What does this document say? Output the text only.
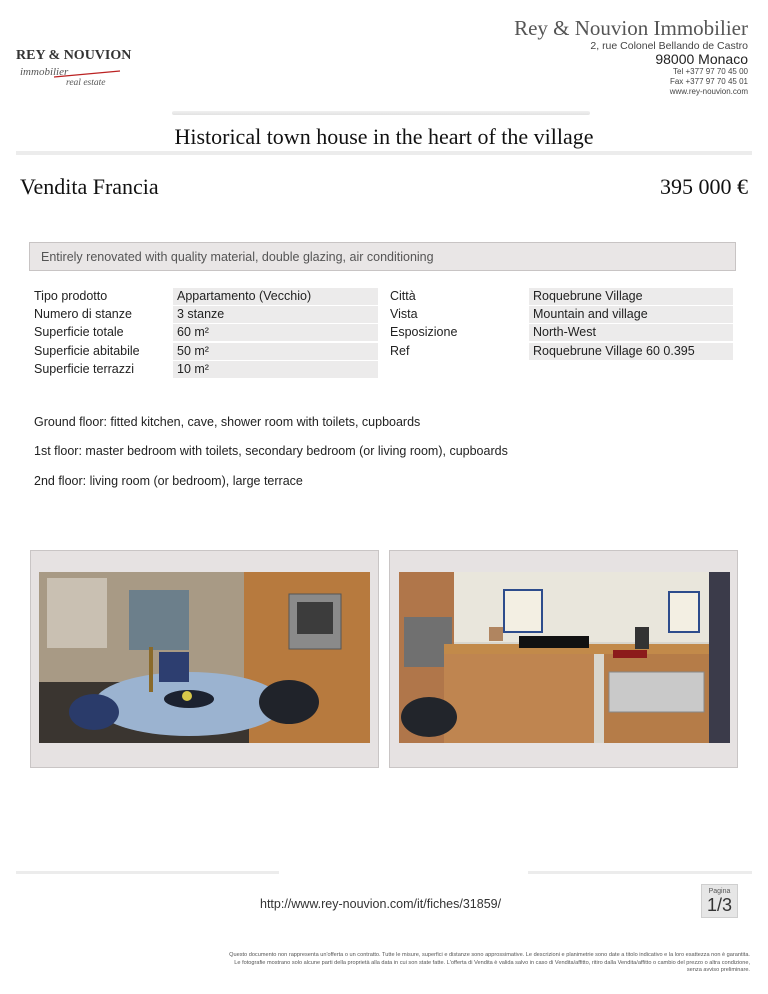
REY & NOUVION
immobilier
real estate
Rey & Nouvion Immobilier
2, rue Colonel Bellando de Castro
98000 Monaco
Tel +377 97 70 45 00
Fax +377 97 70 45 01
www.rey-nouvion.com
Historical town house in the heart of the village
Vendita Francia	395 000 €
Entirely renovated with quality material, double glazing, air conditioning
Tipo prodotto	Appartamento (Vecchio)
Numero di stanze	3 stanze
Superficie totale	60 m²
Superficie abitabile	50 m²
Superficie terrazzi	10 m²
Città	Roquebrune Village
Vista	Mountain and village
Esposizione	North-West
Ref	Roquebrune Village 60 0.395
Ground floor: fitted kitchen, cave, shower room with toilets, cupboards
1st floor: master bedroom with toilets, secondary bedroom (or living room), cupboards
2nd floor: living room (or bedroom), large terrace
http://www.rey-nouvion.com/it/fiches/31859/
Pagina
1/3
Questo documento non rappresenta un'offerta o un contratto. Tutte le misure, superfici e distanze sono approssimative. Le descrizioni e planimetrie sono date a titolo indicativo e la loro esattezza non è garantita.
Le fotografie mostrano solo alcune parti della proprietà alla data in cui son state fatte. L'offerta di Vendita è valida salvo in caso di Vendita/affitto, ritiro dalla Vendita/affitto o cambio del prezzo o altra condizione,
senza avviso preliminare.
